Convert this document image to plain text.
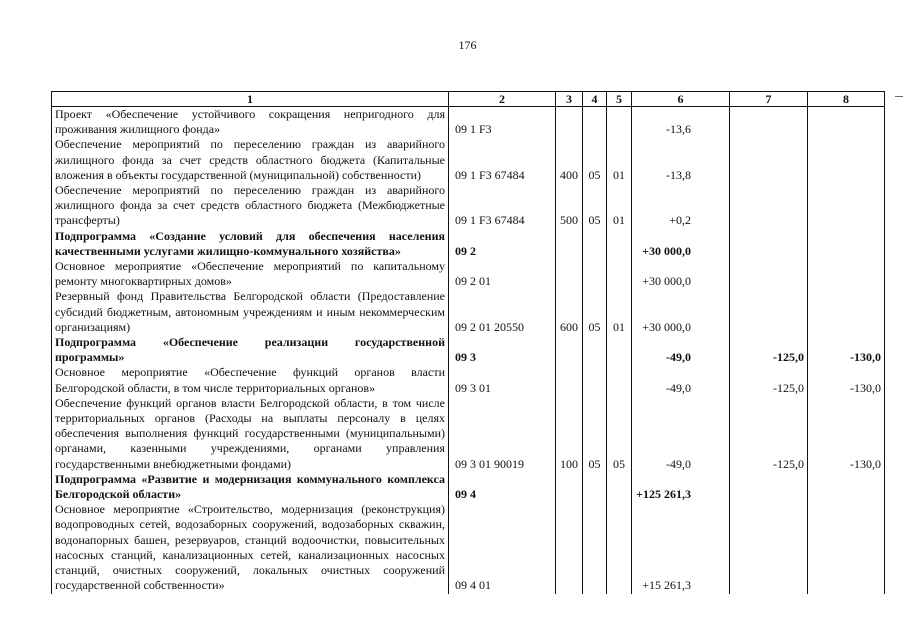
176
1	2	3	4	5	6	7	8
Проект «Обеспечение устойчивого сокращения непригодного для проживания жилищного фонда»	09 1 F3				-13,6		
Обеспечение мероприятий по переселению граждан из аварийного жилищного фонда за счет средств областного бюджета (Капитальные вложения в объекты государственной (муниципальной) собственности)	09 1 F3 67484	400	05	01	-13,8		
Обеспечение мероприятий по переселению граждан из аварийного жилищного фонда за счет средств областного бюджета (Межбюджетные трансферты)	09 1 F3 67484	500	05	01	+0,2		
Подпрограмма «Создание условий для обеспечения населения качественными услугами жилищно-коммунального хозяйства»	09 2				+30 000,0		
Основное мероприятие «Обеспечение мероприятий по капитальному ремонту многоквартирных домов»	09 2 01				+30 000,0		
Резервный фонд Правительства Белгородской области (Предоставление субсидий бюджетным, автономным учреждениям и иным некоммерческим организациям)	09 2 01 20550	600	05	01	+30 000,0		
Подпрограмма «Обеспечение реализации государственной программы»	09 3				-49,0	-125,0	-130,0
Основное мероприятие «Обеспечение функций органов власти Белгородской области, в том числе территориальных органов»	09 3 01				-49,0	-125,0	-130,0
Обеспечение функций органов власти Белгородской области, в том числе территориальных органов (Расходы на выплаты персоналу в целях обеспечения выполнения функций государственными (муниципальными) органами, казенными учреждениями, органами управления государственными внебюджетными фондами)	09 3 01 90019	100	05	05	-49,0	-125,0	-130,0
Подпрограмма «Развитие и модернизация коммунального комплекса Белгородской области»	09 4				+125 261,3		
Основное мероприятие «Строительство, модернизация (реконструкция) водопроводных сетей, водозаборных сооружений, водозаборных скважин, водонапорных башен, резервуаров, станций водоочистки, повысительных насосных станций, канализационных сетей, канализационных насосных станций, очистных сооружений, локальных очистных сооружений государственной собственности»	09 4 01				+15 261,3		
